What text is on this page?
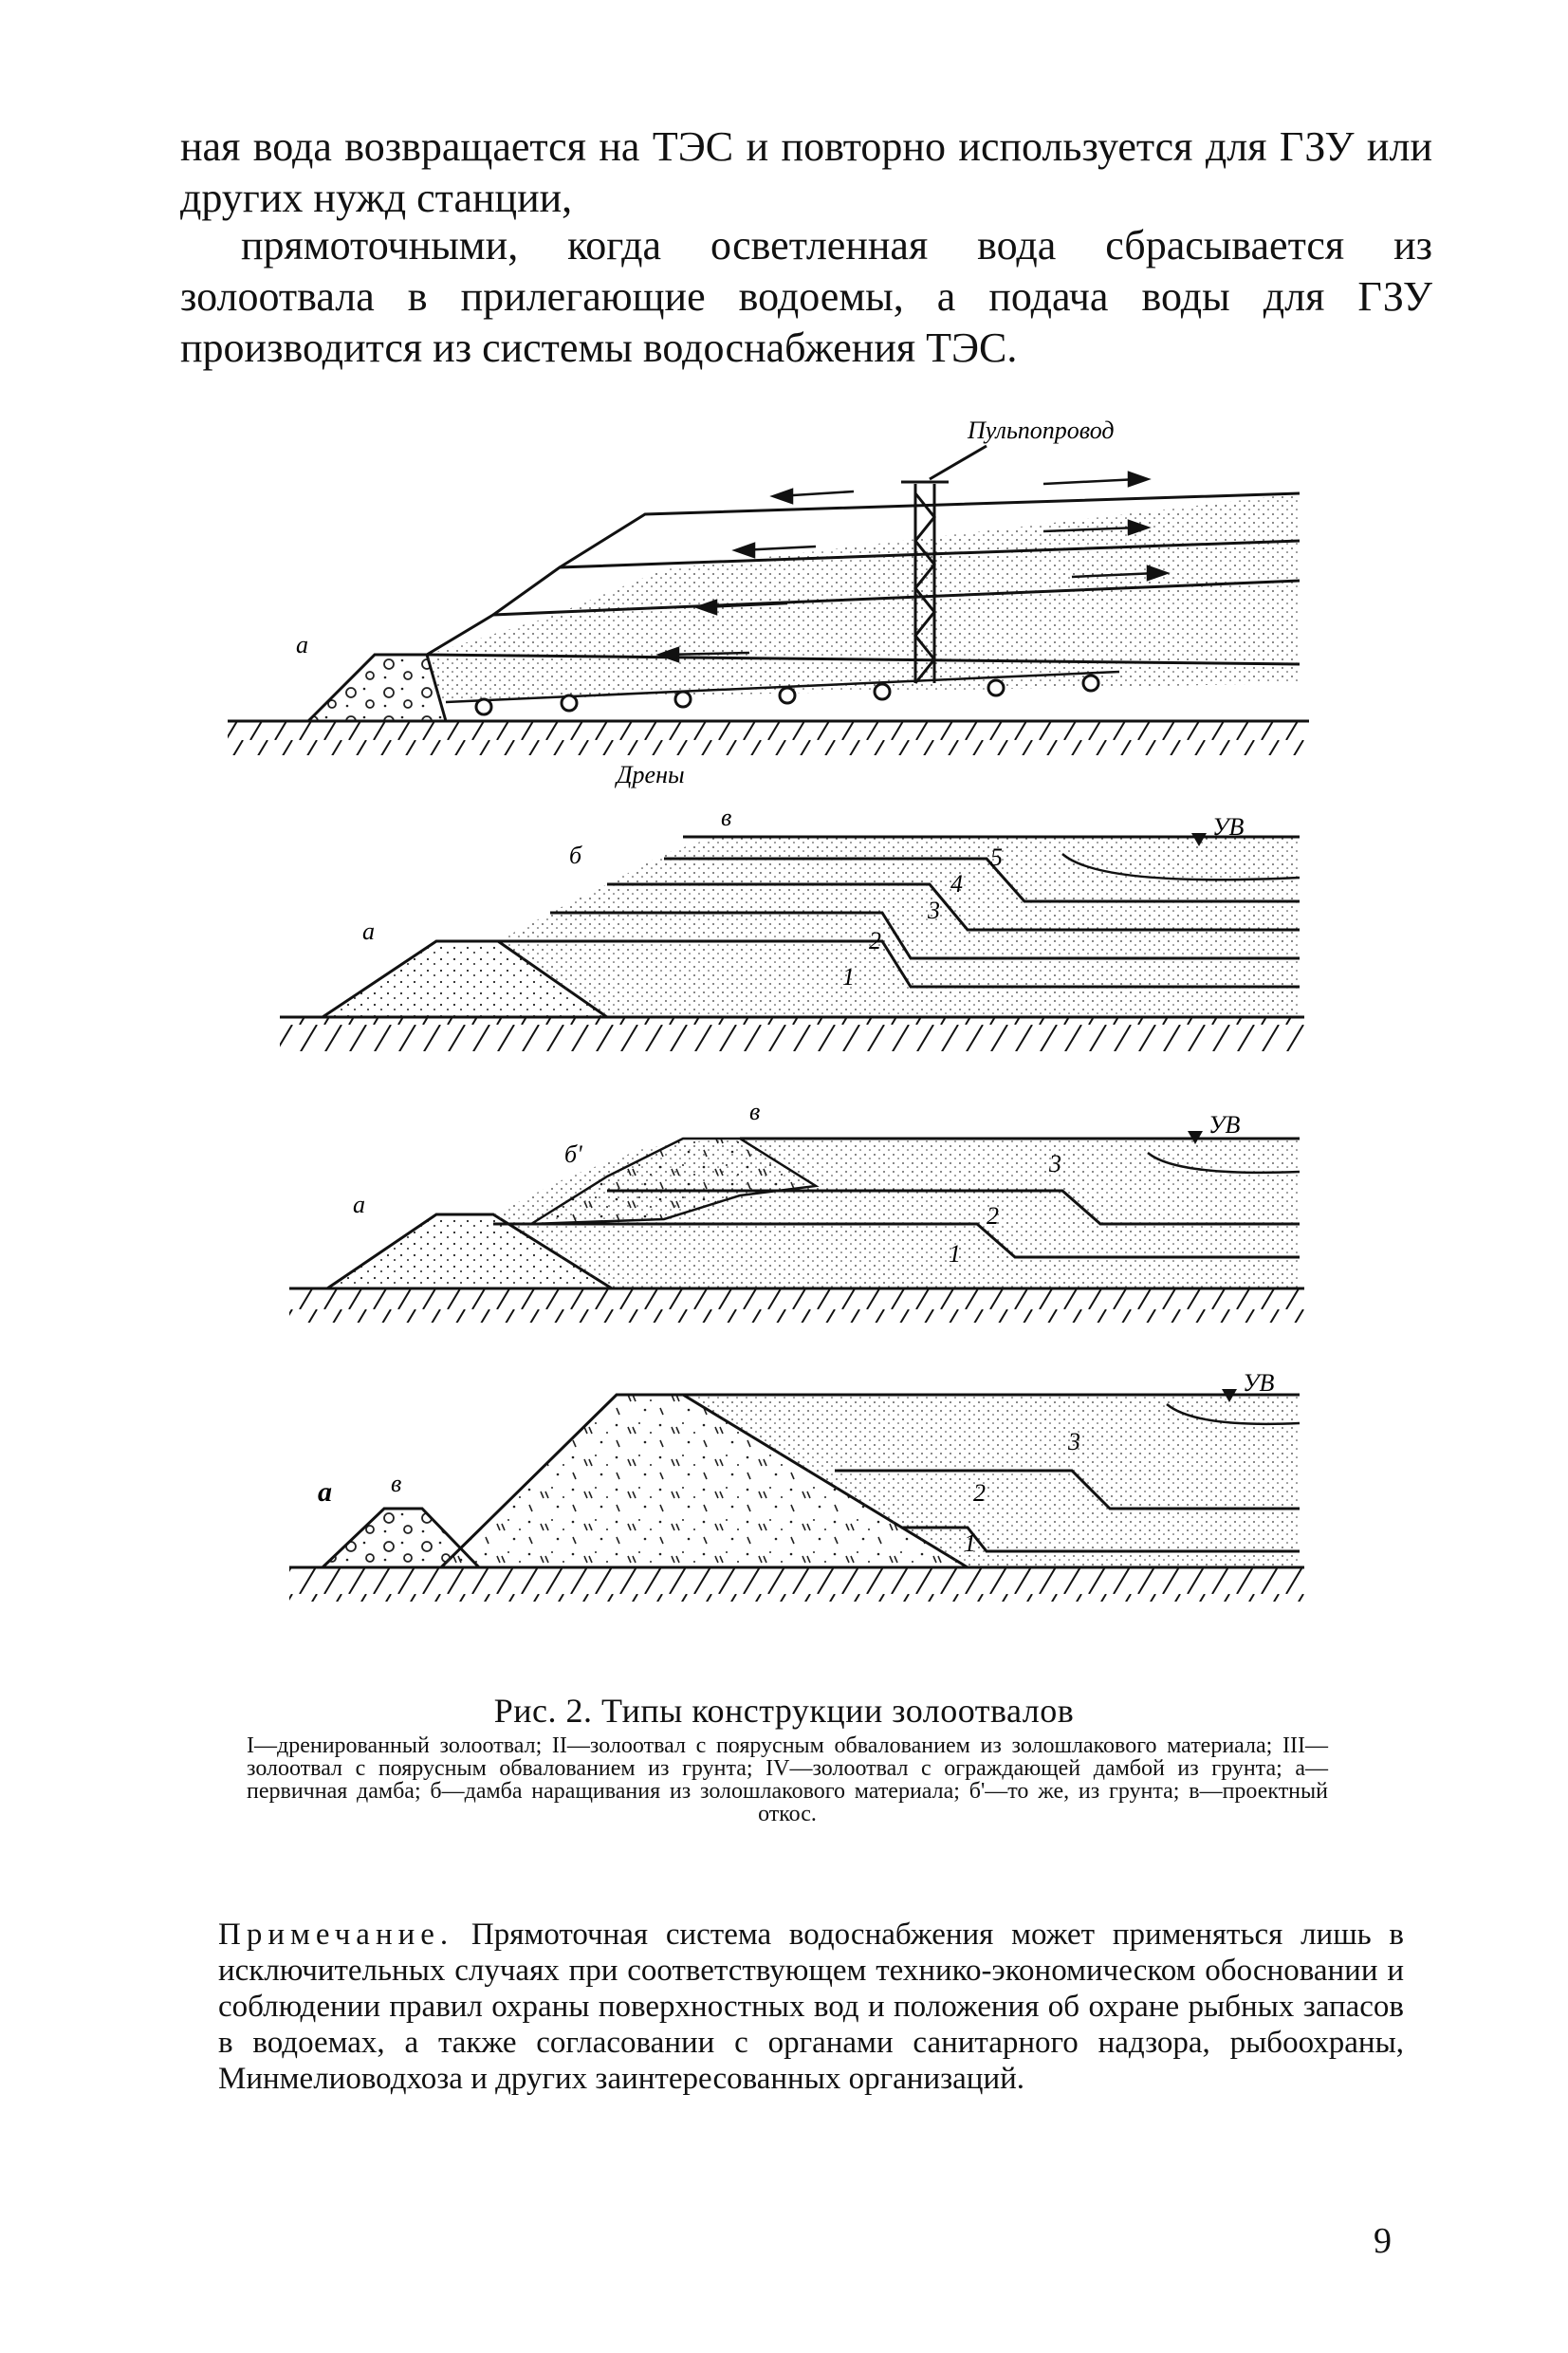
ная вода возвращается на ТЭС и повторно используется для ГЗУ или других нужд станции,

прямоточными, когда осветленная вода сбрасывается из золоотвала в прилегающие водоемы, а подача воды для ГЗУ производится из системы водоснабжения ТЭС.

Пульпопровод
Дрены
а
УВ
а
б
в
1
2
3
4
5
УВ
а
б'
в
1
2
3
УВ
а в
1
2
3
Рис. 2. Типы конструкции золоотвалов
I—дренированный золоотвал; II—золоотвал с поярусным обвалованием из золошлакового материала; III—золоотвал с поярусным обвалованием из грунта; IV—золоотвал с ограждающей дамбой из грунта; а—первичная дамба; б—дамба наращивания из золошлакового материала; б'—то же, из грунта; в—проектный откос.
Примечание. Прямоточная система водоснабжения может применяться лишь в исключительных случаях при соответствующем технико-экономическом обосновании и соблюдении правил охраны поверхностных вод и положения об охране рыбных запасов в водоемах, а также согласовании с органами санитарного надзора, рыбоохраны, Минмелиоводхоза и других заинтересованных организаций.
9
